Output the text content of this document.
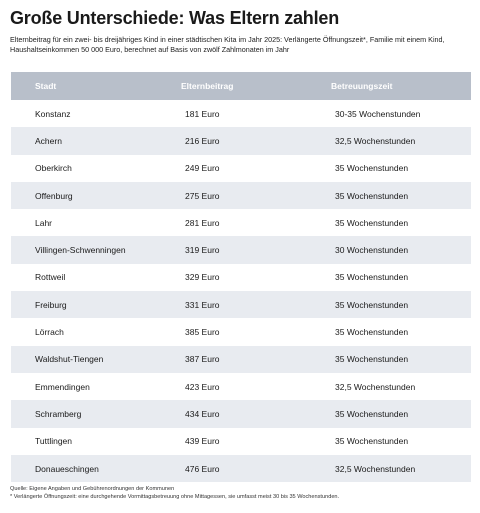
Große Unterschiede: Was Eltern zahlen
Elternbeitrag für ein zwei- bis dreijähriges Kind in einer städtischen Kita im Jahr 2025: Verlängerte Öffnungszeit*, Familie mit einem Kind, Haushaltseinkommen 50 000 Euro, berechnet auf Basis von zwölf Zahlmonaten im Jahr
Stadt	Elternbeitrag	Betreuungszeit
Konstanz	181 Euro	30-35 Wochenstunden
Achern	216 Euro	32,5 Wochenstunden
Oberkirch	249 Euro	35 Wochenstunden
Offenburg	275 Euro	35 Wochenstunden
Lahr	281 Euro	35 Wochenstunden
Villingen-Schwenningen	319 Euro	30 Wochenstunden
Rottweil	329 Euro	35 Wochenstunden
Freiburg	331 Euro	35 Wochenstunden
Lörrach	385 Euro	35 Wochenstunden
Waldshut-Tiengen	387 Euro	35 Wochenstunden
Emmendingen	423 Euro	32,5 Wochenstunden
Schramberg	434 Euro	35 Wochenstunden
Tuttlingen	439 Euro	35 Wochenstunden
Donaueschingen	476 Euro	32,5 Wochenstunden
Quelle: Eigene Angaben und Gebührenordnungen der Kommunen
* Verlängerte Öffnungszeit: eine durchgehende Vormittagsbetreuung ohne Mittagessen, sie umfasst meist 30 bis 35 Wochenstunden.
